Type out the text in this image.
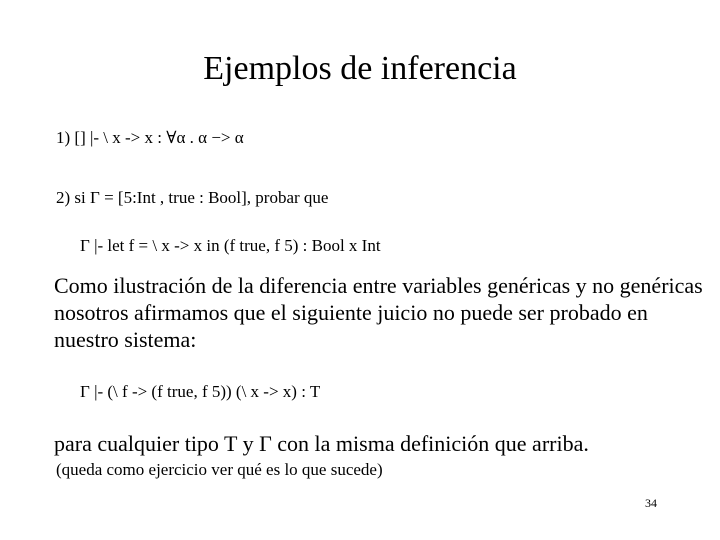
Ejemplos de inferencia
1) [] |- \ x -> x : ∀α . α −> α
2) si Γ = [5:Int , true : Bool], probar que
Γ |- let f = \ x -> x in (f true, f 5) : Bool x Int
Como ilustración de la diferencia entre variables genéricas y no genéricas nosotros afirmamos que el siguiente juicio no puede ser probado en nuestro sistema:
Γ |- (\ f -> (f true, f 5)) (\ x -> x) : T
para cualquier tipo T y Γ con la misma definición que arriba.
(queda como ejercicio ver qué es lo que sucede)
34
